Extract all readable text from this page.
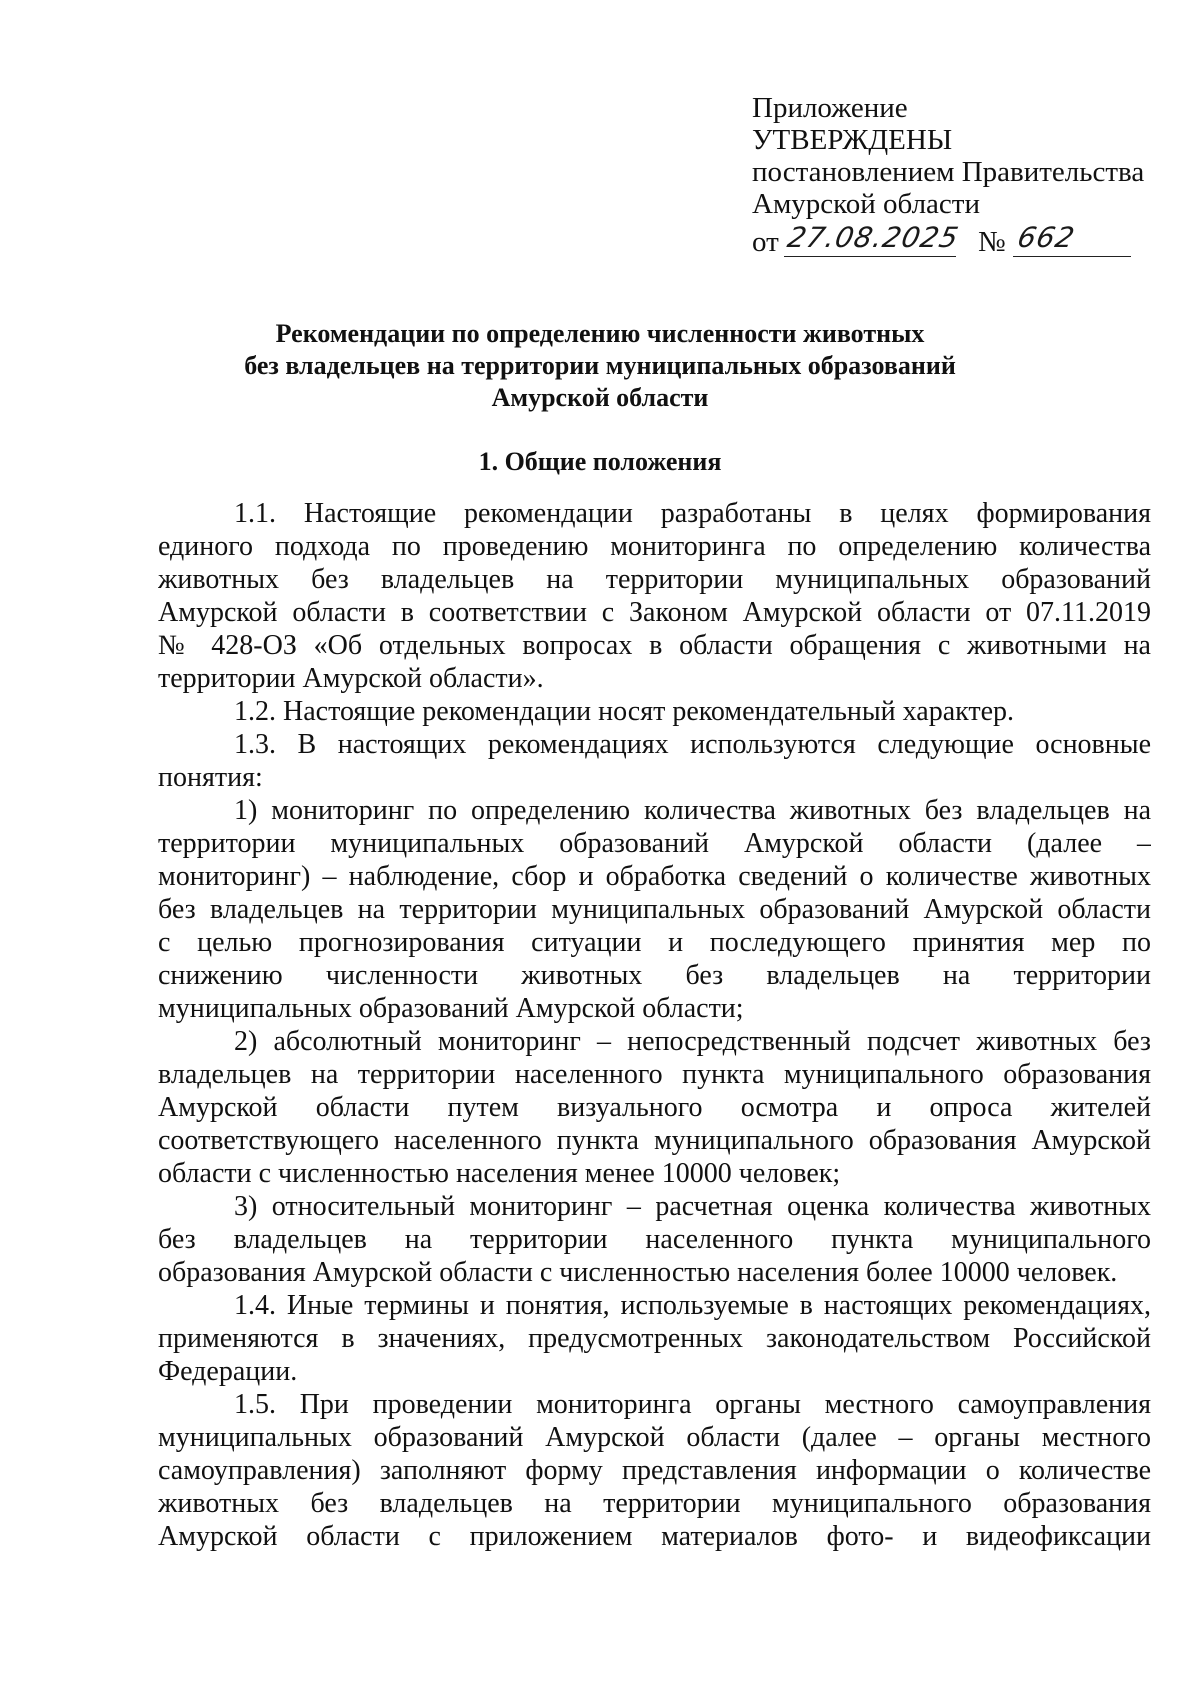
Приложение
УТВЕРЖДЕНЫ
постановлением Правительства
Амурской области
от 27.08.2025 № 662
Рекомендации по определению численности животных
без владельцев на территории муниципальных образований
Амурской области
1. Общие положения
1.1. Настоящие рекомендации разработаны в целях формирования
единого подхода по проведению мониторинга по определению количества
животных без владельцев на территории муниципальных образований
Амурской области в соответствии с Законом Амурской области от 07.11.2019
№ 428-ОЗ «Об отдельных вопросах в области обращения с животными на
территории Амурской области».
1.2. Настоящие рекомендации носят рекомендательный характер.
1.3. В настоящих рекомендациях используются следующие основные
понятия:
1) мониторинг по определению количества животных без владельцев на
территории муниципальных образований Амурской области (далее –
мониторинг) – наблюдение, сбор и обработка сведений о количестве животных
без владельцев на территории муниципальных образований Амурской области
с целью прогнозирования ситуации и последующего принятия мер по
снижению численности животных без владельцев на территории
муниципальных образований Амурской области;
2) абсолютный мониторинг – непосредственный подсчет животных без
владельцев на территории населенного пункта муниципального образования
Амурской области путем визуального осмотра и опроса жителей
соответствующего населенного пункта муниципального образования Амурской
области с численностью населения менее 10000 человек;
3) относительный мониторинг – расчетная оценка количества животных
без владельцев на территории населенного пункта муниципального
образования Амурской области с численностью населения более 10000 человек.
1.4. Иные термины и понятия, используемые в настоящих рекомендациях,
применяются в значениях, предусмотренных законодательством Российской
Федерации.
1.5. При проведении мониторинга органы местного самоуправления
муниципальных образований Амурской области (далее – органы местного
самоуправления) заполняют форму представления информации о количестве
животных без владельцев на территории муниципального образования
Амурской области с приложением материалов фото- и видеофиксации
